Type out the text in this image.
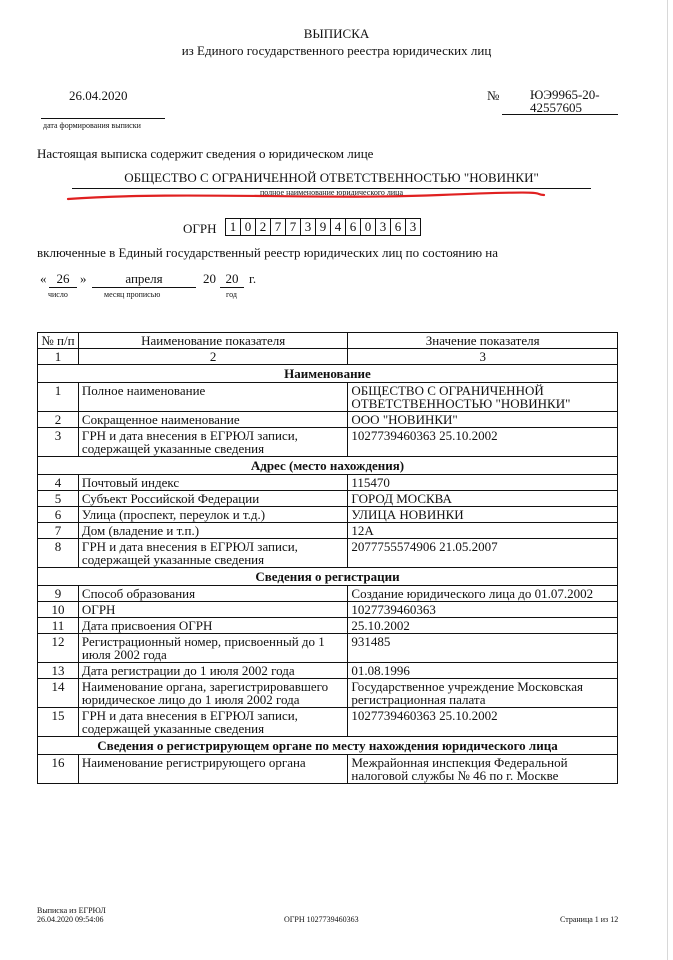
ВЫПИСКА
из Единого государственного реестра юридических лиц
26.04.2020
дата формирования выписки
№ ЮЭ9965-20-
42557605
Настоящая выписка содержит сведения о юридическом лице
ОБЩЕСТВО С ОГРАНИЧЕННОЙ ОТВЕТСТВЕННОСТЬЮ "НОВИНКИ"
полное наименование юридического лица
ОГРН	1 0 2 7 7 3 9 4 6 0 3 6 3
включенные в Единый государственный реестр юридических лиц по состоянию на
« 26 »	апреля	20 20 г.
число	месяц прописью	год
№ п/п	Наименование показателя	Значение показателя
1	2	3
Наименование		
1	Полное наименование	ОБЩЕСТВО С ОГРАНИЧЕННОЙ ОТВЕТСТВЕННОСТЬЮ "НОВИНКИ"
2	Сокращенное наименование	ООО "НОВИНКИ"
3	ГРН и дата внесения в ЕГРЮЛ записи, содержащей указанные сведения	1027739460363 25.10.2002
Адрес (место нахождения)		
4	Почтовый индекс	115470
5	Субъект Российской Федерации	ГОРОД МОСКВА
6	Улица (проспект, переулок и т.д.)	УЛИЦА НОВИНКИ
7	Дом (владение и т.п.)	12А
8	ГРН и дата внесения в ЕГРЮЛ записи, содержащей указанные сведения	2077755574906 21.05.2007
Сведения о регистрации		
9	Способ образования	Создание юридического лица до 01.07.2002
10	ОГРН	1027739460363
11	Дата присвоения ОГРН	25.10.2002
12	Регистрационный номер, присвоенный до 1 июля 2002 года	931485
13	Дата регистрации до 1 июля 2002 года	01.08.1996
14	Наименование органа, зарегистрировавшего юридическое лицо до 1 июля 2002 года	Государственное учреждение Московская регистрационная палата
15	ГРН и дата внесения в ЕГРЮЛ записи, содержащей указанные сведения	1027739460363 25.10.2002
Сведения о регистрирующем органе по месту нахождения юридического лица		
16	Наименование регистрирующего органа	Межрайонная инспекция Федеральной налоговой службы № 46 по г. Москве
Выписка из ЕГРЮЛ
26.04.2020 09:54:06	ОГРН 1027739460363	Страница 1 из 12
